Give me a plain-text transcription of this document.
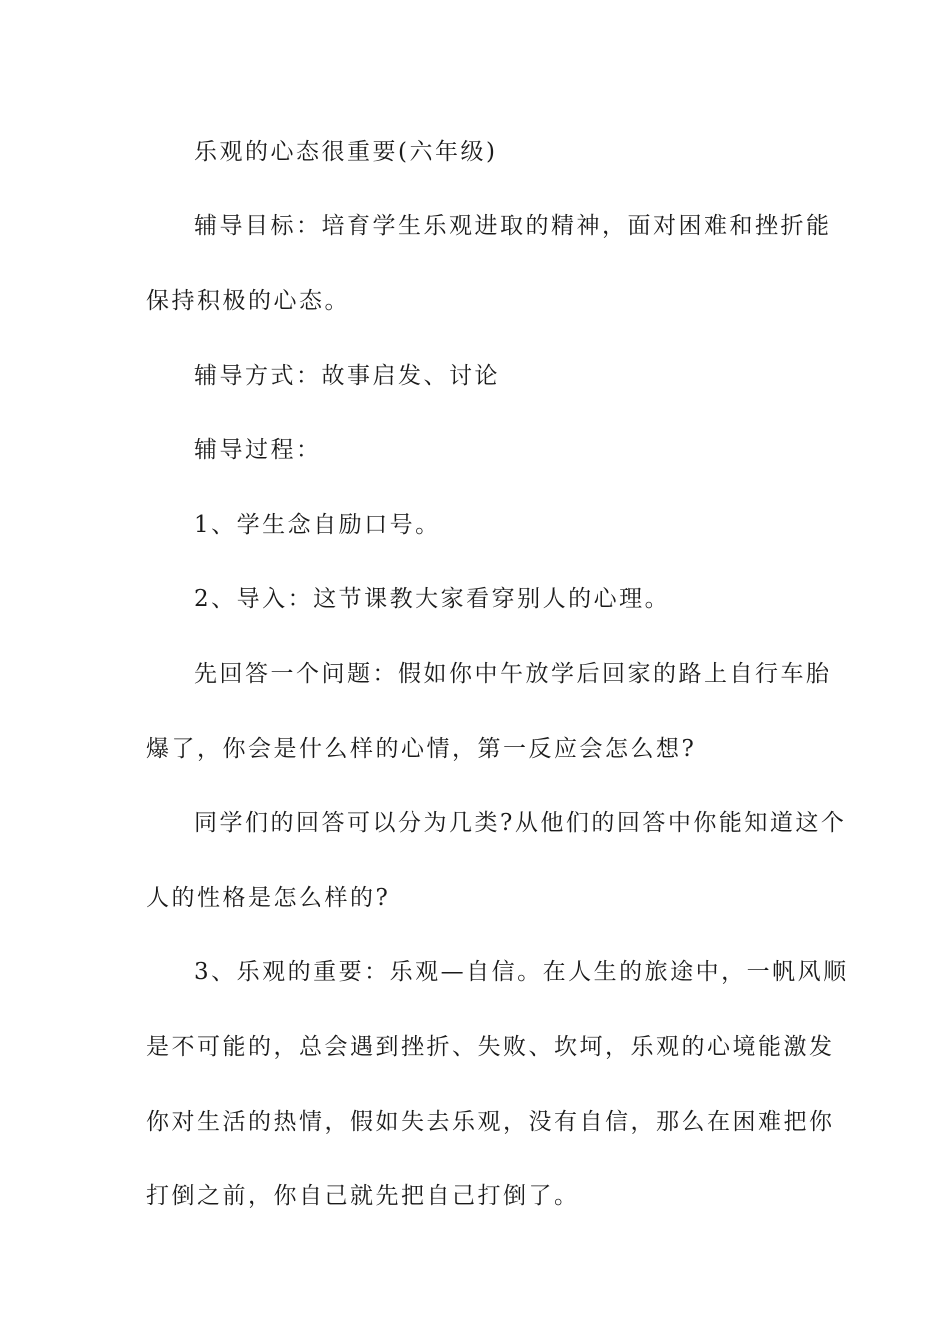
乐观的心态很重要(六年级)
辅导目标：培育学生乐观进取的精神，面对困难和挫折能
保持积极的心态。
辅导方式：故事启发、讨论
辅导过程：
1、学生念自励口号。
2、导入：这节课教大家看穿别人的心理。
先回答一个问题：假如你中午放学后回家的路上自行车胎
爆了，你会是什么样的心情，第一反应会怎么想?
同学们的回答可以分为几类?从他们的回答中你能知道这个
人的性格是怎么样的?
3、乐观的重要：乐观—自信。在人生的旅途中，一帆风顺
是不可能的，总会遇到挫折、失败、坎坷，乐观的心境能激发
你对生活的热情，假如失去乐观，没有自信，那么在困难把你
打倒之前，你自己就先把自己打倒了。
